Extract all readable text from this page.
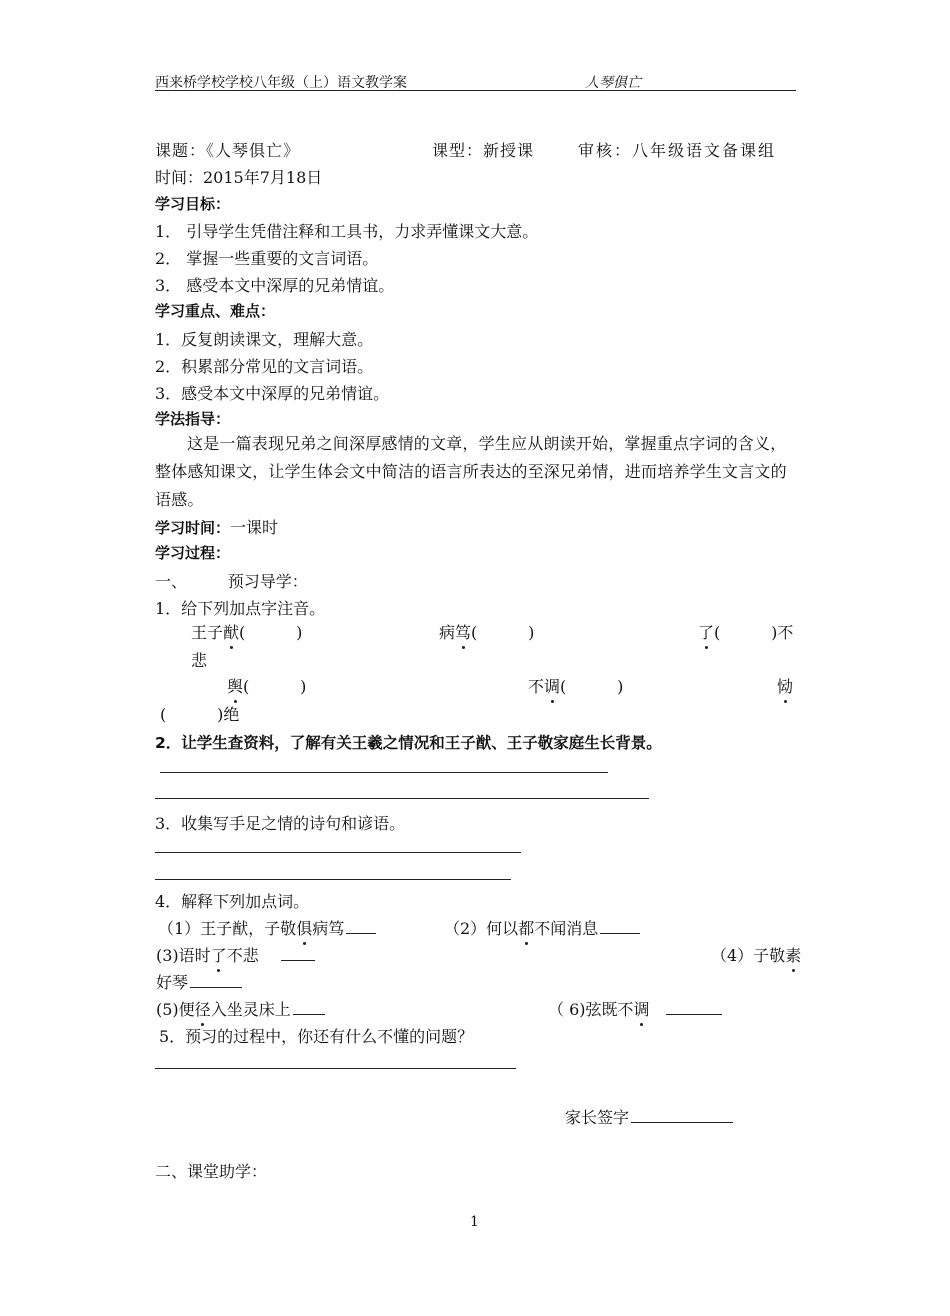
西来桥学校学校八年级（上）语文教学案	人琴俱亡
课题：《人琴俱亡》	课型：新授课	审核：八年级语文备课组
时间：2015年7月18日
学习目标：
1． 引导学生凭借注释和工具书，力求弄懂课文大意。
2． 掌握一些重要的文言词语。
3． 感受本文中深厚的兄弟情谊。
学习重点、难点：
1．反复朗读课文，理解大意。
2．积累部分常见的文言词语。
3．感受本文中深厚的兄弟情谊。
学法指导：
这是一篇表现兄弟之间深厚感情的文章，学生应从朗读开始，掌握重点字词的含义，整体感知课文，让学生体会文中简洁的语言所表达的至深兄弟情，进而培养学生文言文的语感。
学习时间：一课时
学习过程：
一、        预习导学：
1．给下列加点字注音。
王子猷(          )	病笃(          )	了(          )不
悲
舆(          )	不调(          )	恸
(          )绝
2．让学生查资料，了解有关王羲之情况和王子猷、王子敬家庭生长背景。
3．收集写手足之情的诗句和谚语。
4．解释下列加点词。
（1）王子猷，子敬俱病笃	（2）何以都不闻消息
(3)语时了不悲	（4）子敬素
好琴
(5)便径入坐灵床上	（ 6)弦既不调
5．预习的过程中，你还有什么不懂的问题？
家长签字
二、课堂助学：
1
